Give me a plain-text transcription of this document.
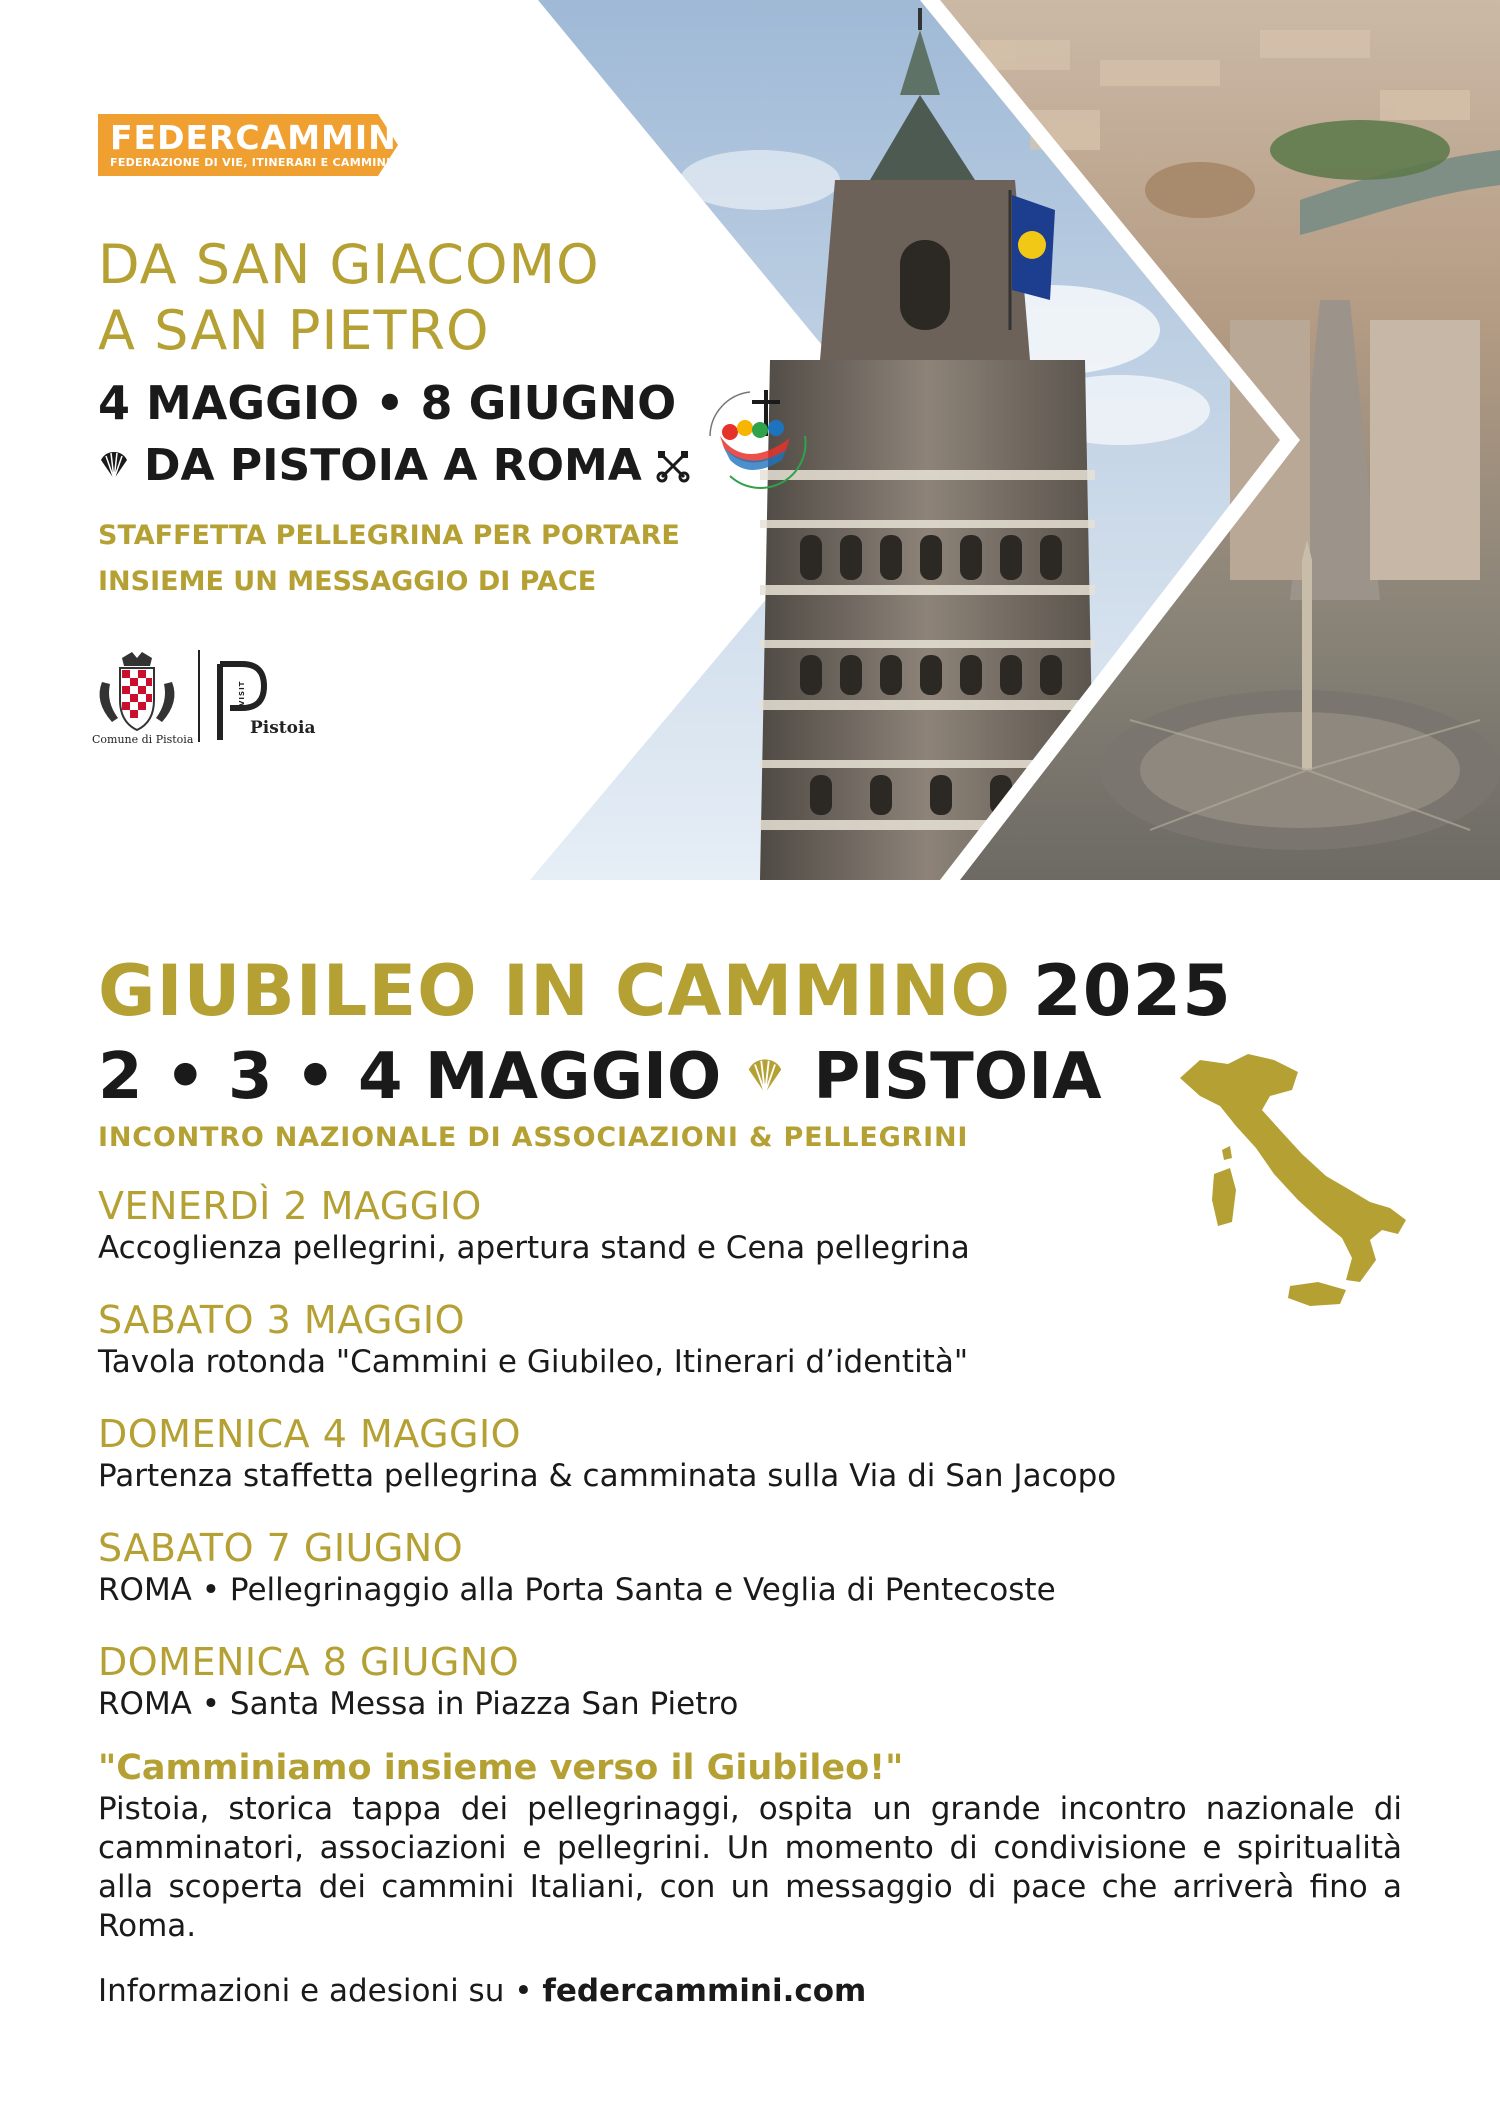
FEDERCAMMINI
FEDERAZIONE DI VIE, ITINERARI E CAMMINI
DA SAN GIACOMO
A SAN PIETRO
4 MAGGIO • 8 GIUGNO
DA PISTOIA A ROMA
STAFFETTA PELLEGRINA PER PORTARE
INSIEME UN MESSAGGIO DI PACE
Comune di Pistoia
VISIT
Pistoia
GIUBILEO IN CAMMINO 2025
2 • 3 • 4 MAGGIO PISTOIA
INCONTRO NAZIONALE DI ASSOCIAZIONI & PELLEGRINI
VENERDÌ 2 MAGGIO
Accoglienza pellegrini, apertura stand e Cena pellegrina
SABATO 3 MAGGIO
Tavola rotonda "Cammini e Giubileo, Itinerari d’identità"
DOMENICA 4 MAGGIO
Partenza staffetta pellegrina & camminata sulla Via di San Jacopo
SABATO 7 GIUGNO
ROMA • Pellegrinaggio alla Porta Santa e Veglia di Pentecoste
DOMENICA 8 GIUGNO
ROMA • Santa Messa in Piazza San Pietro
"Camminiamo insieme verso il Giubileo!"
Pistoia, storica tappa dei pellegrinaggi, ospita un grande incontro nazionale di camminatori, associazioni e pellegrini. Un momento di condivisione e spiritualità alla scoperta dei cammini Italiani, con un messaggio di pace che arriverà fino a Roma.
Informazioni e adesioni su • federcammini.com
